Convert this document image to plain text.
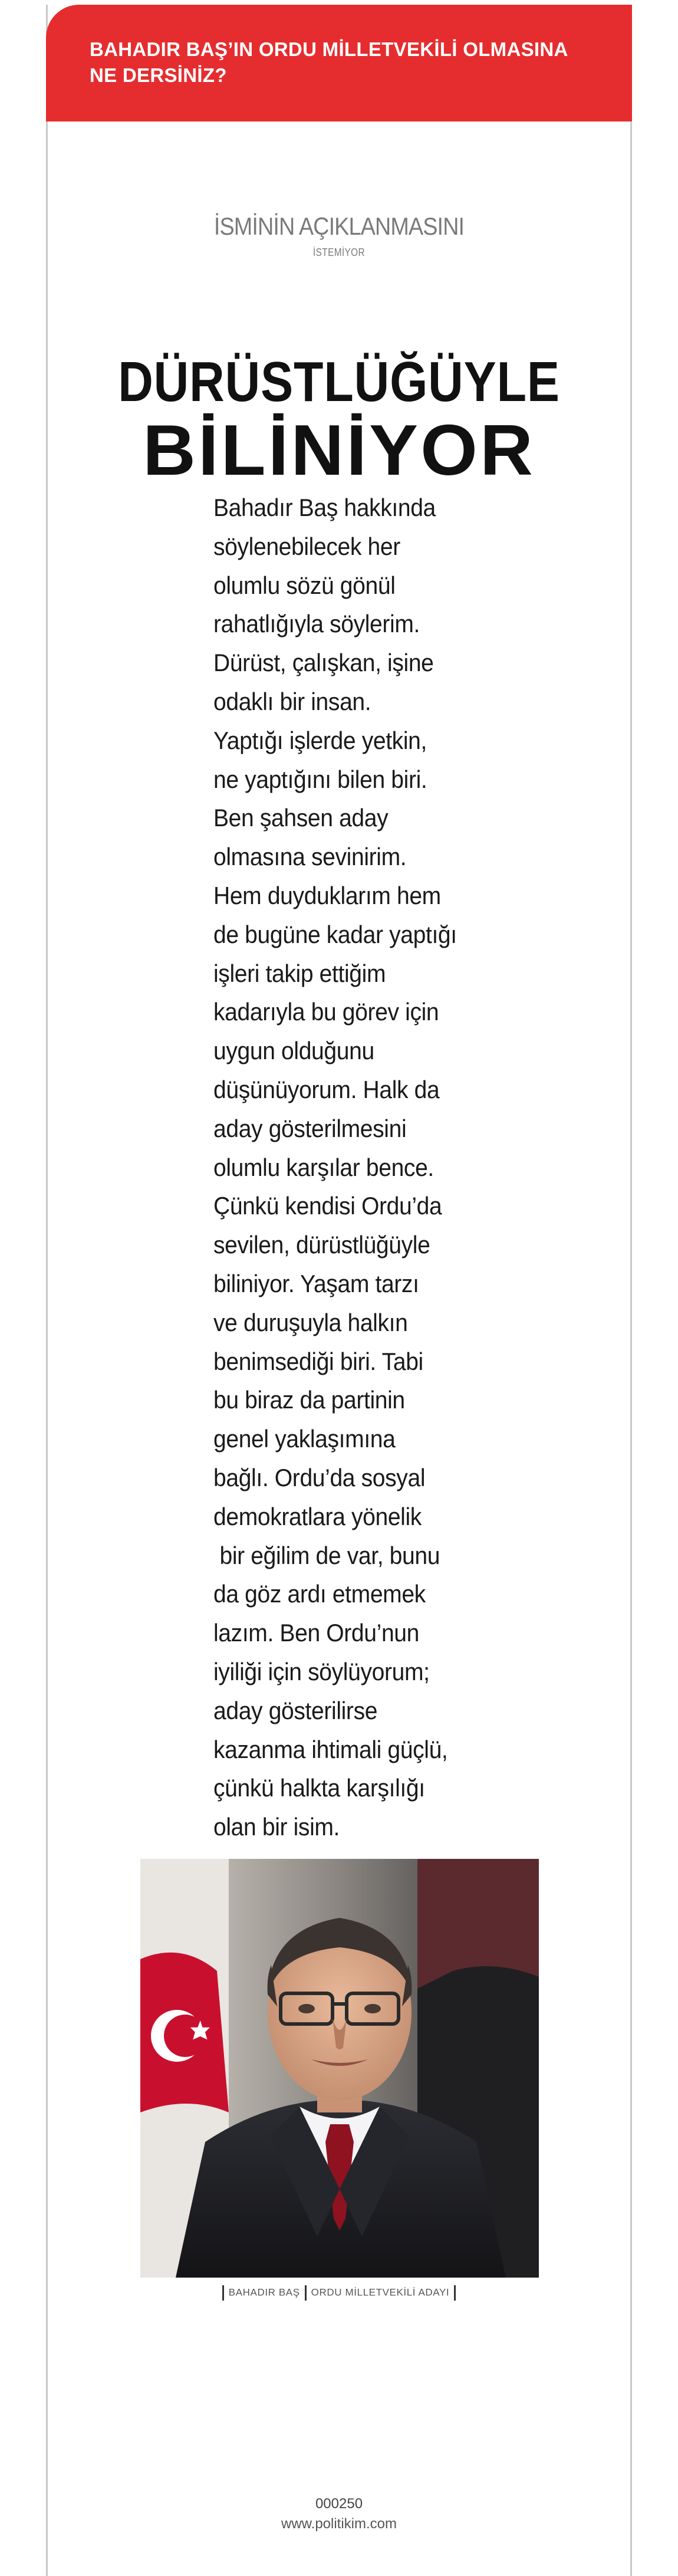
BAHADIR BAŞ’IN ORDU MİLLETVEKİLİ OLMASINA
NE DERSİNİZ?
İSMİNİN AÇIKLANMASINI
İSTEMİYOR
DÜRÜSTLÜĞÜYLE
BİLİNİYOR
Bahadır Baş hakkında
söylenebilecek her
olumlu sözü gönül
rahatlığıyla söylerim.
Dürüst, çalışkan, işine
odaklı bir insan.
Yaptığı işlerde yetkin,
ne yaptığını bilen biri.
Ben şahsen aday
olmasına sevinirim.
Hem duyduklarım hem
de bugüne kadar yaptığı
işleri takip ettiğim
kadarıyla bu görev için
uygun olduğunu
düşünüyorum. Halk da
aday gösterilmesini
olumlu karşılar bence.
Çünkü kendisi Ordu’da
sevilen, dürüstlüğüyle
biliniyor. Yaşam tarzı
ve duruşuyla halkın
benimsediği biri. Tabi
bu biraz da partinin
genel yaklaşımına
bağlı. Ordu’da sosyal
demokratlara yönelik
bir eğilim de var, bunu
da göz ardı etmemek
lazım. Ben Ordu’nun
iyiliği için söylüyorum;
aday gösterilirse
kazanma ihtimali güçlü,
çünkü halkta karşılığı
olan bir isim.
BAHADIR BAŞ ORDU MİLLETVEKİLİ ADAYI
000250
www.politikim.com
